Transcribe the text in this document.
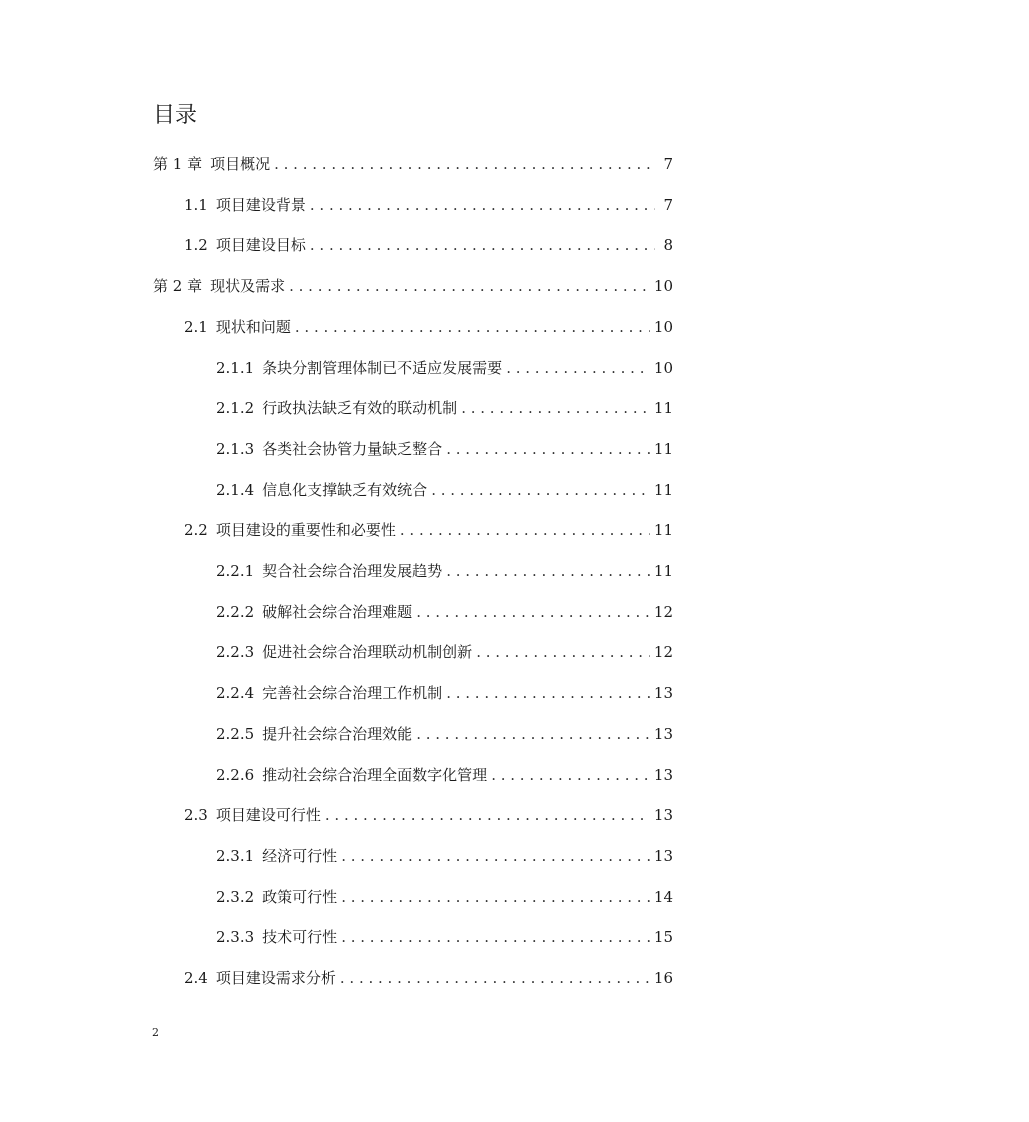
目录
第 1 章 项目概况 . . .	7
1.1 项目建设背景 . . .	7
1.2 项目建设目标 . . .	8
第 2 章 现状及需求 . . .	10
2.1 现状和问题 . . .	10
2.1.1 条块分割管理体制已不适应发展需要 . . .	10
2.1.2 行政执法缺乏有效的联动机制 . . .	11
2.1.3 各类社会协管力量缺乏整合 . . .	11
2.1.4 信息化支撑缺乏有效统合 . . .	11
2.2 项目建设的重要性和必要性 . . .	11
2.2.1 契合社会综合治理发展趋势 . . .	11
2.2.2 破解社会综合治理难题 . . .	12
2.2.3 促进社会综合治理联动机制创新 . . .	12
2.2.4 完善社会综合治理工作机制 . . .	13
2.2.5 提升社会综合治理效能 . . .	13
2.2.6 推动社会综合治理全面数字化管理 . . .	13
2.3 项目建设可行性 . . .	13
2.3.1 经济可行性 . . .	13
2.3.2 政策可行性 . . .	14
2.3.3 技术可行性 . . .	15
2.4 项目建设需求分析 . . .	16
2
